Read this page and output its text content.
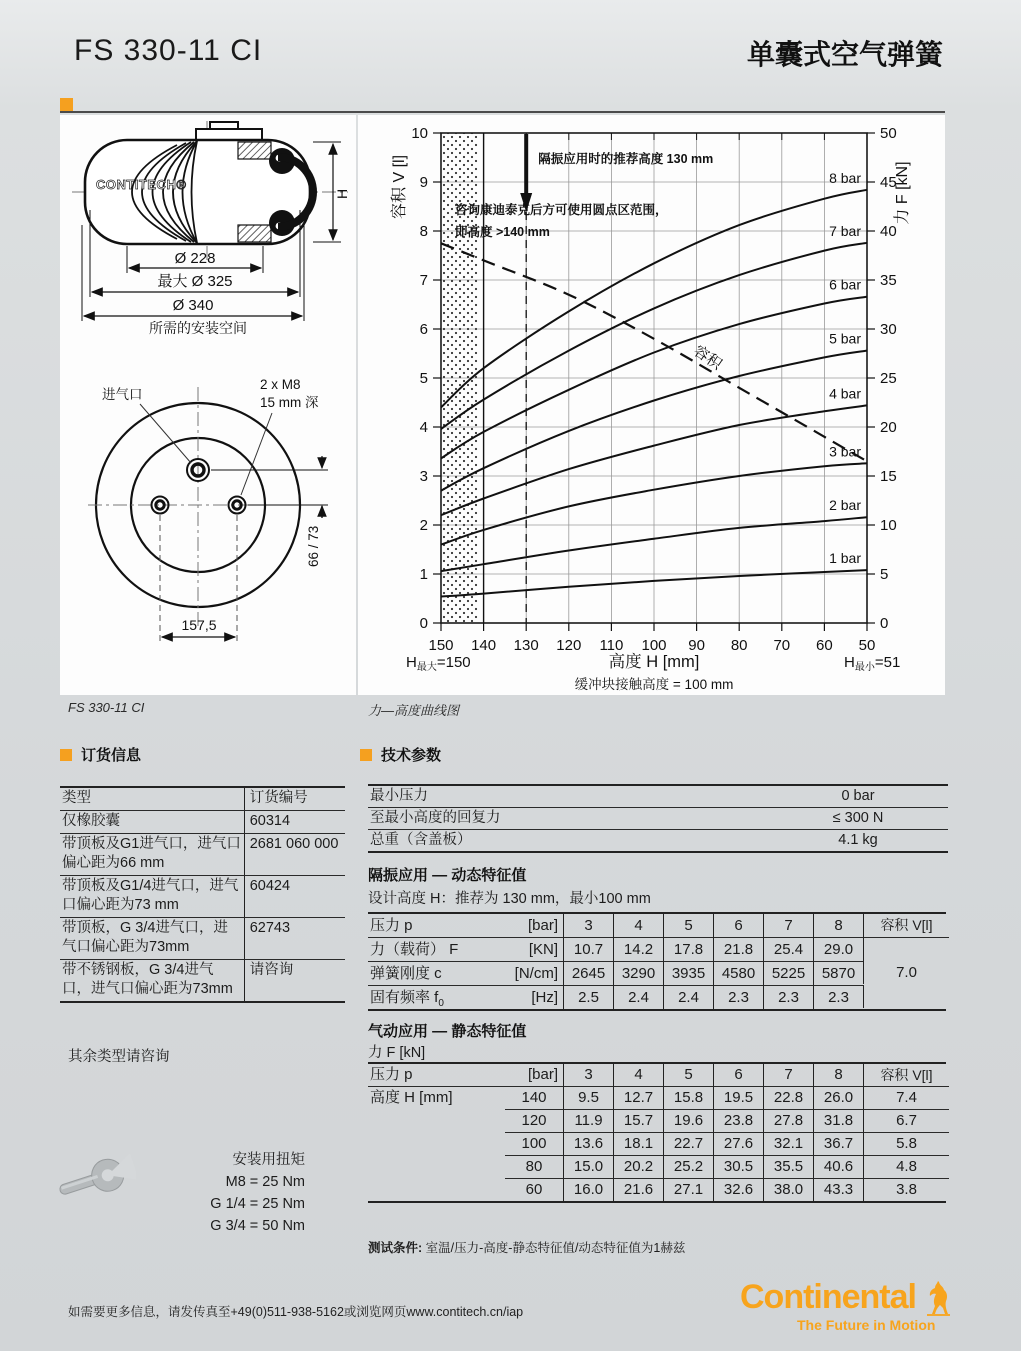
FS 330-11 CI	单囊式空气弹簧
CONTITECH®
H
Ø 228
最大 Ø 325
Ø 340
所需的安装空间
进气口
2 x M8
15 mm 深
66 / 73
157,5
150 140 130 120 110 100 90 80 70 60 50
0
1
2
3
4
5
6
7
8
9
10
0
5
10
15
20
25
30
35
40
45
50
1 bar
2 bar
3 bar
4 bar
5 bar
6 bar
7 bar
8 bar
容积
隔振应用时的推荐高度 130 mm
咨询康迪泰克后方可使用圆点区范围，
即高度 >140 mm
容积 V [l]	力 F [kN]
高度 H [mm]
缓冲块接触高度 = 100 mm
$H_{最大}=150$	$H_{最小}=51$
FS 330-11 CI	力—高度曲线图
订货信息	技术参数
类型	订货编号
仅橡胶囊	60314
带顶板及G1进气口，进气口偏心距为66 mm
2681 060 000
带顶板及G1/4进气口，进气口偏心距为73 mm
60424
带顶板，G 3/4进气口，进气口偏心距为73mm
62743
带不锈钢板，G 3/4进气口，进气口偏心距为73mm
请咨询
其余类型请咨询
最小压力	0 bar
至最小高度的回复力	≤ 300 N
总重（含盖板）	4.1 kg
隔振应用 — 动态特征值
设计高度 H：推荐为 130 mm，最小100 mm
压力 p	[bar]	3	4	5	6	7	8	容积 V[l]
力（载荷） F	[KN]	10.7	14.2	17.8	21.8	25.4	29.0
弹簧刚度 c	[N/cm] 2645	3290	3935	4580	5225	5870	7.0
固有频率 $f_0$	[Hz]	2.5	2.4	2.4	2.3	2.3	2.3
气动应用 — 静态特征值
力 F [kN]
压力 p	[bar]	3	4	5	6	7	8	容积 V[l]
高度 H [mm]	140	9.5	12.7	15.8	19.5	22.8	26.0	7.4
120	11.9	15.7	19.6	23.8	27.8	31.8	6.7
100	13.6	18.1	22.7	27.6	32.1	36.7	5.8
80	15.0	20.2	25.2	30.5	35.5	40.6	4.8
60	16.0	21.6	27.1	32.6	38.0	43.3	3.8
测试条件: 室温/压力-高度-静态特征值/动态特征值为1赫兹
安装用扭矩
M8 = 25 Nm
G 1/4 = 25 Nm
G 3/4 = 50 Nm
如需要更多信息，请发传真至+49(0)511-938-5162或浏览网页www.contitech.cn/iap	Continental
The Future in Motion
